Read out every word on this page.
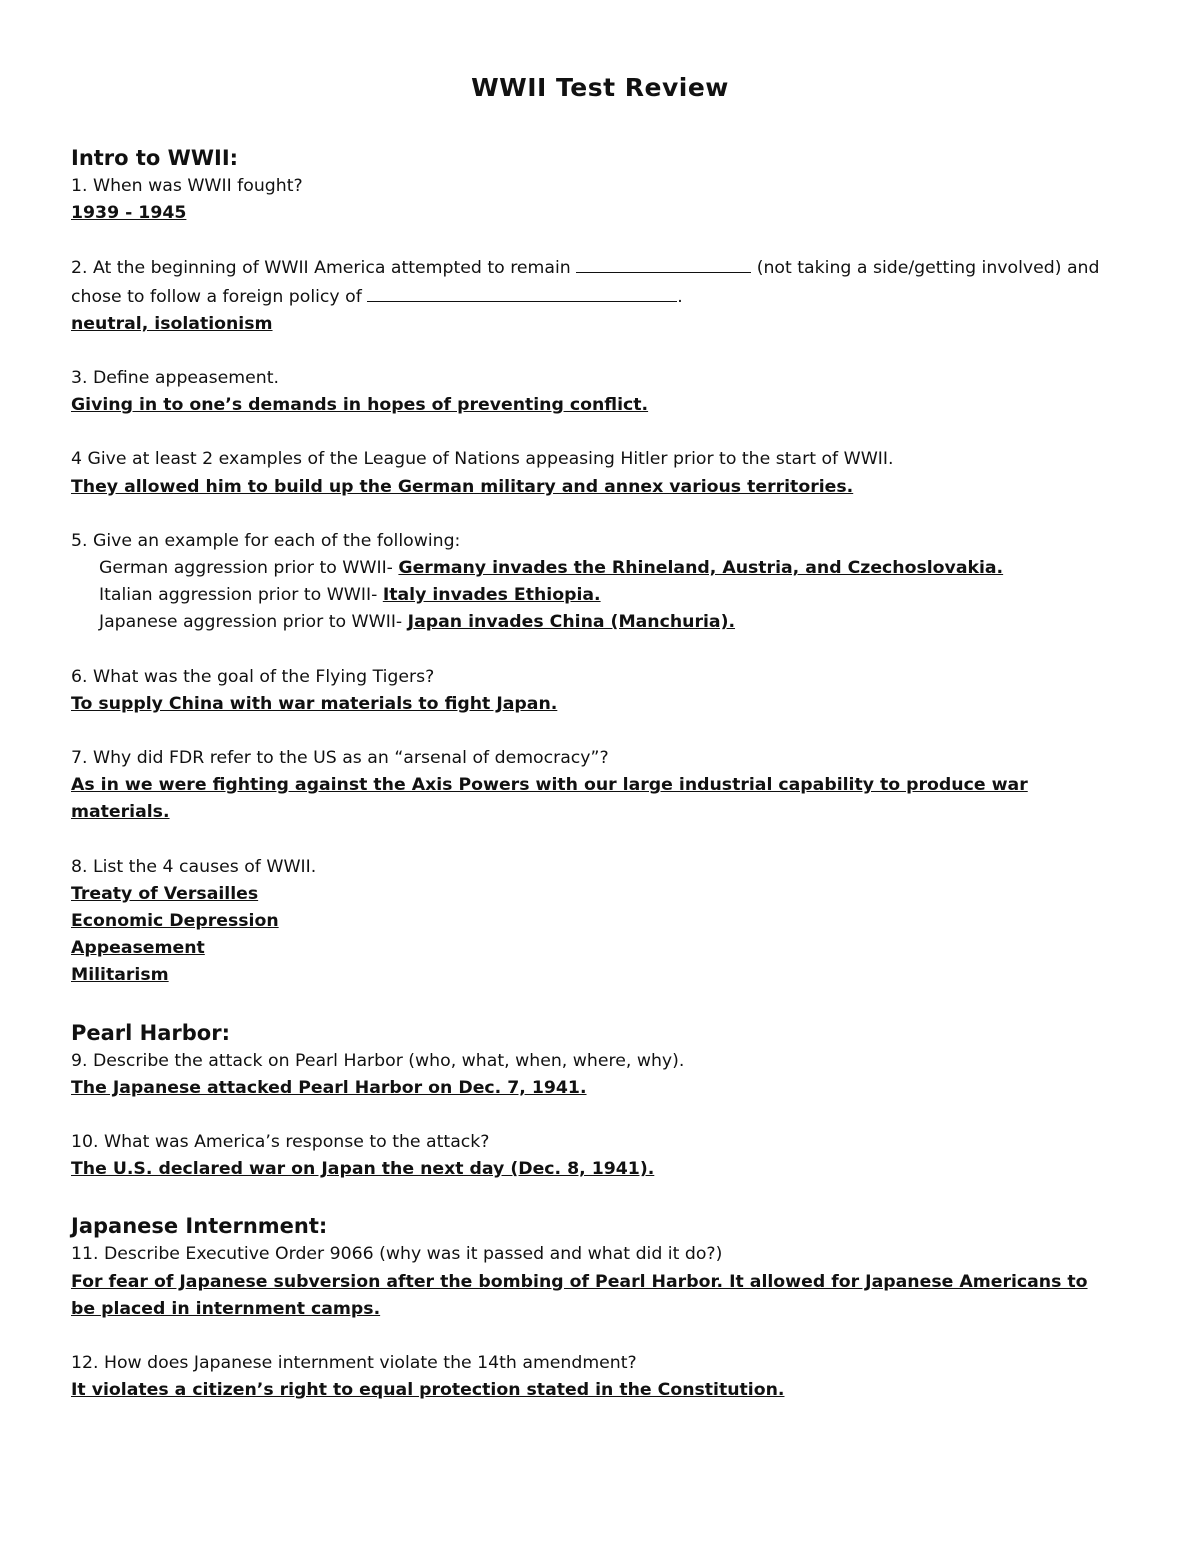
WWII Test Review
Intro to WWII:

1. When was WWII fought?

1939 - 1945

2. At the beginning of WWII America attempted to remain	(not taking a side/getting involved) and chose to follow a foreign policy of	.

neutral, isolationism

3. Define appeasement.

Giving in to one’s demands in hopes of preventing conflict.

4 Give at least 2 examples of the League of Nations appeasing Hitler prior to the start of WWII.

They allowed him to build up the German military and annex various territories.

5. Give an example for each of the following:

German aggression prior to WWII- Germany invades the Rhineland, Austria, and Czechoslovakia.

Italian aggression prior to WWII- Italy invades Ethiopia.

Japanese aggression prior to WWII- Japan invades China (Manchuria).

6. What was the goal of the Flying Tigers?

To supply China with war materials to fight Japan.

7. Why did FDR refer to the US as an “arsenal of democracy”?

As in we were fighting against the Axis Powers with our large industrial capability to produce war materials.

8. List the 4 causes of WWII.

Treaty of Versailles

Economic Depression

Appeasement

Militarism

Pearl Harbor:

9. Describe the attack on Pearl Harbor (who, what, when, where, why).

The Japanese attacked Pearl Harbor on Dec. 7, 1941.

10. What was America’s response to the attack?

The U.S. declared war on Japan the next day (Dec. 8, 1941).

Japanese Internment:

11. Describe Executive Order 9066 (why was it passed and what did it do?)

For fear of Japanese subversion after the bombing of Pearl Harbor. It allowed for Japanese Americans to be placed in internment camps.

12. How does Japanese internment violate the 14th amendment?

It violates a citizen’s right to equal protection stated in the Constitution.
